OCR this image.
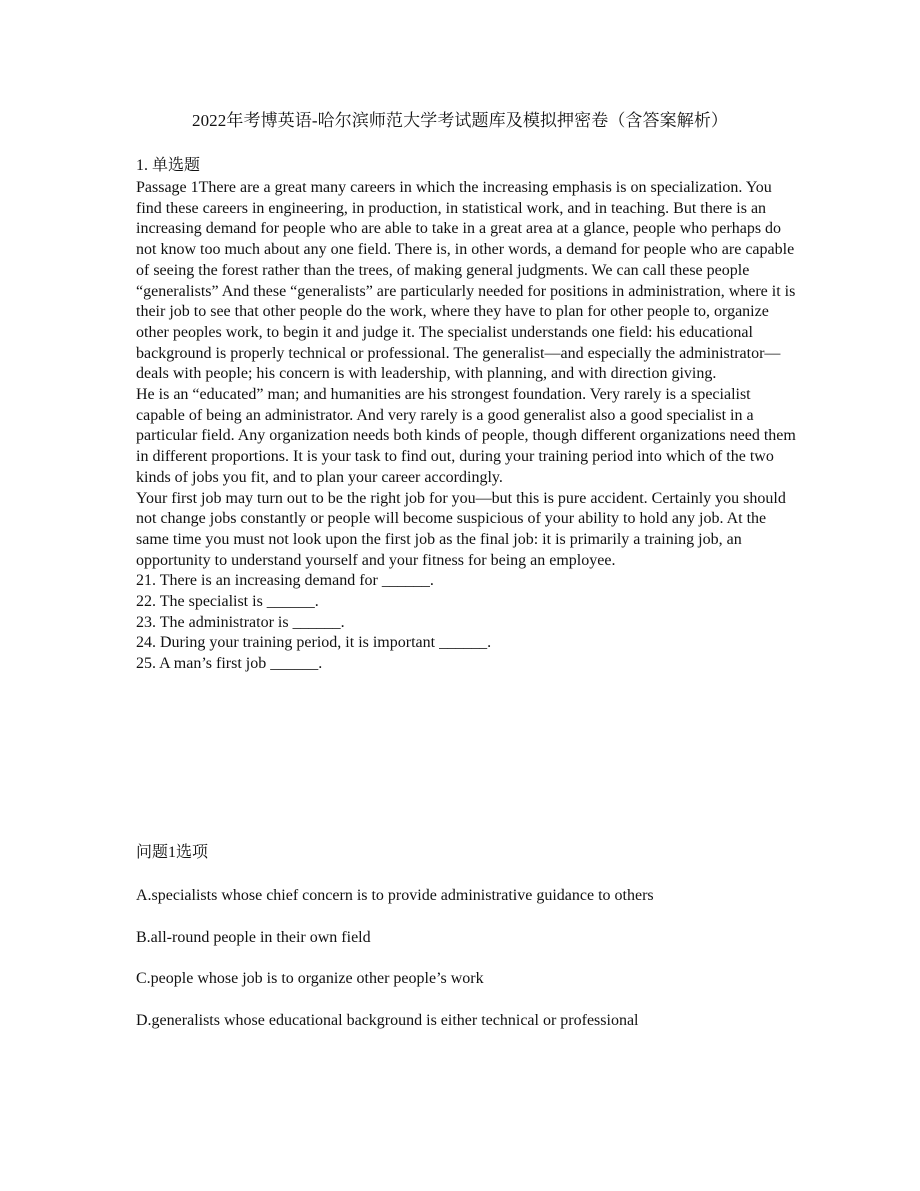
2022年考博英语-哈尔滨师范大学考试题库及模拟押密卷（含答案解析）
1. 单选题

Passage 1There are a great many careers in which the increasing emphasis is on specialization. You find these careers in engineering, in production, in statistical work, and in teaching. But there is an increasing demand for people who are able to take in a great area at a glance, people who perhaps do not know too much about any one field. There is, in other words, a demand for people who are capable of seeing the forest rather than the trees, of making general judgments. We can call these people “generalists” And these “generalists” are particularly needed for positions in administration, where it is their job to see that other people do the work, where they have to plan for other people to, organize other peoples work, to begin it and judge it. The specialist understands one field: his educational background is properly technical or professional. The generalist—and especially the administrator—deals with people; his concern is with leadership, with planning, and with direction giving.

He is an “educated” man; and humanities are his strongest foundation. Very rarely is a specialist capable of being an administrator. And very rarely is a good generalist also a good specialist in a particular field. Any organization needs both kinds of people, though different organizations need them in different proportions. It is your task to find out, during your training period into which of the two kinds of jobs you fit, and to plan your career accordingly.

Your first job may turn out to be the right job for you—but this is pure accident. Certainly you should not change jobs constantly or people will become suspicious of your ability to hold any job. At the same time you must not look upon the first job as the final job: it is primarily a training job, an opportunity to understand yourself and your fitness for being an employee.

21. There is an increasing demand for ______.
22. The specialist is ______.
23. The administrator is ______.
24. During your training period, it is important ______.
25. A man’s first job ______.
问题1选项
A.specialists whose chief concern is to provide administrative guidance to others
B.all-round people in their own field
C.people whose job is to organize other people’s work
D.generalists whose educational background is either technical or professional
